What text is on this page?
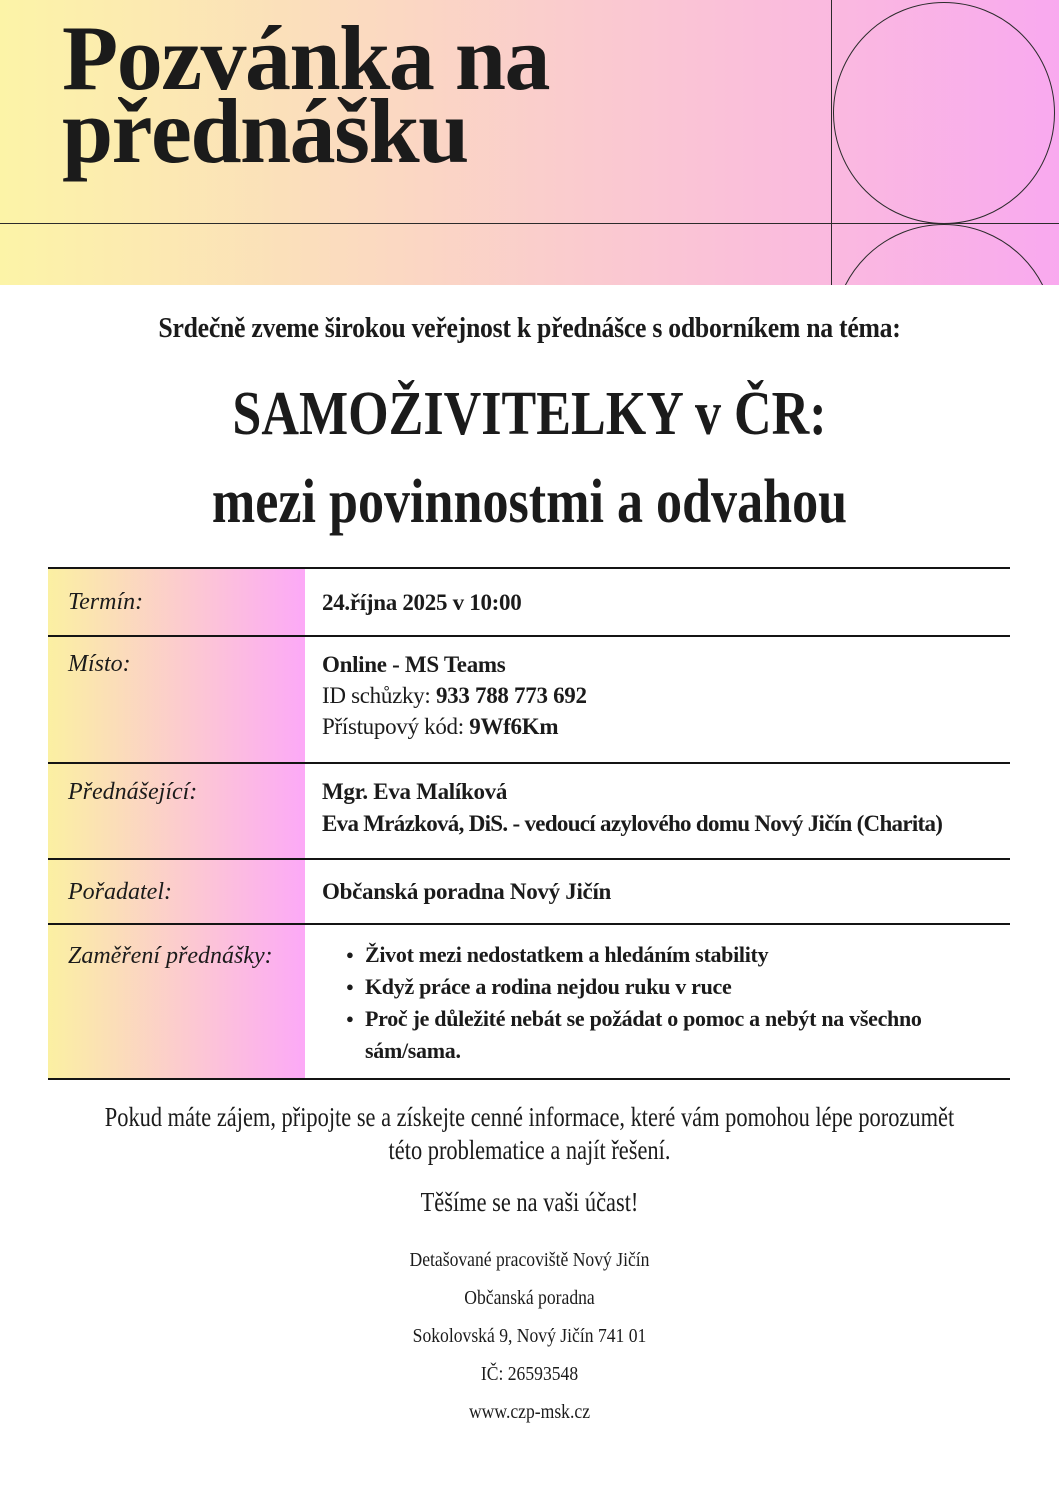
Pozvánka na
přednášku
Srdečně zveme širokou veřejnost k přednášce s odborníkem na téma:
SAMOŽIVITELKY v ČR:
mezi povinnostmi a odvahou
Termín:	24.října 2025 v 10:00
Místo:	Online - MS Teams
ID schůzky: 933 788 773 692
Přístupový kód: 9Wf6Km
Přednášející:	Mgr. Eva Malíková
Eva Mrázková, DiS. - vedoucí azylového domu Nový Jičín (Charita)
Pořadatel:	Občanská poradna Nový Jičín
Zaměření přednášky:	● Život mezi nedostatkem a hledáním stability
● Když práce a rodina nejdou ruku v ruce
● Proč je důležité nebát se požádat o pomoc a nebýt na všechno sám/sama.
Pokud máte zájem, připojte se a získejte cenné informace, které vám pomohou lépe porozumět
této problematice a najít řešení.
Těšíme se na vaši účast!
Detašované pracoviště Nový Jičín
Občanská poradna
Sokolovská 9, Nový Jičín 741 01
IČ: 26593548
www.czp-msk.cz
